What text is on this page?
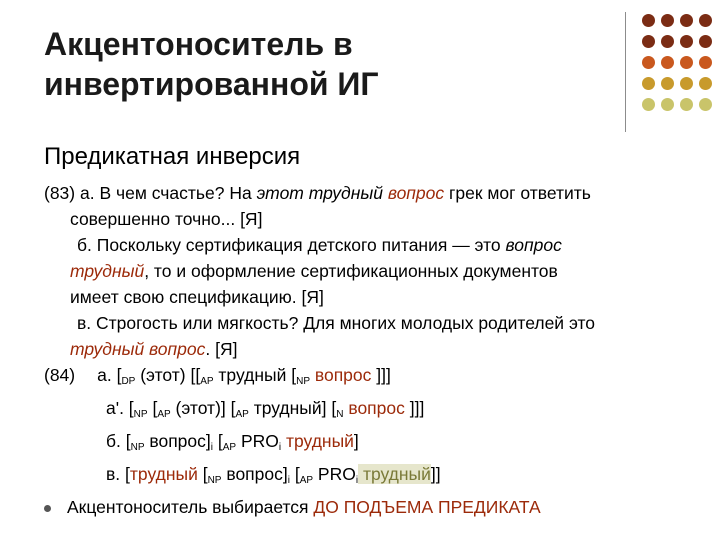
Акцентоноситель в
инвертированной ИГ
Предикатная инверсия
(83) а. В чем счастье? На этот трудный вопрос грек мог ответить
совершенно точно... [Я]
б. Поскольку сертификация детского питания — это вопрос
трудный, то и оформление сертификационных документов
имеет свою спецификацию. [Я]
в. Строгость или мягкость? Для многих молодых родителей это
трудный вопрос. [Я]
(84) а. [$_{DP}$ (этот) [[$_{AP}$ трудный [$_{NP}$ вопрос ]]]
а'. [$_{NP}$ [$_{AP}$ (этот)] [$_{AP}$ трудный] [$_N$ вопрос ]]]
б. [$_{NP}$ $вопрос]_i$ [$_{AP}$ $PRO_i$ трудный]
в. [трудный [$_{NP}$ $вопрос]_i$ [$_{AP}$ $PRO_i$ трудный]]
Акцентоноситель выбирается ДО ПОДЪЕМА ПРЕДИКАТА
